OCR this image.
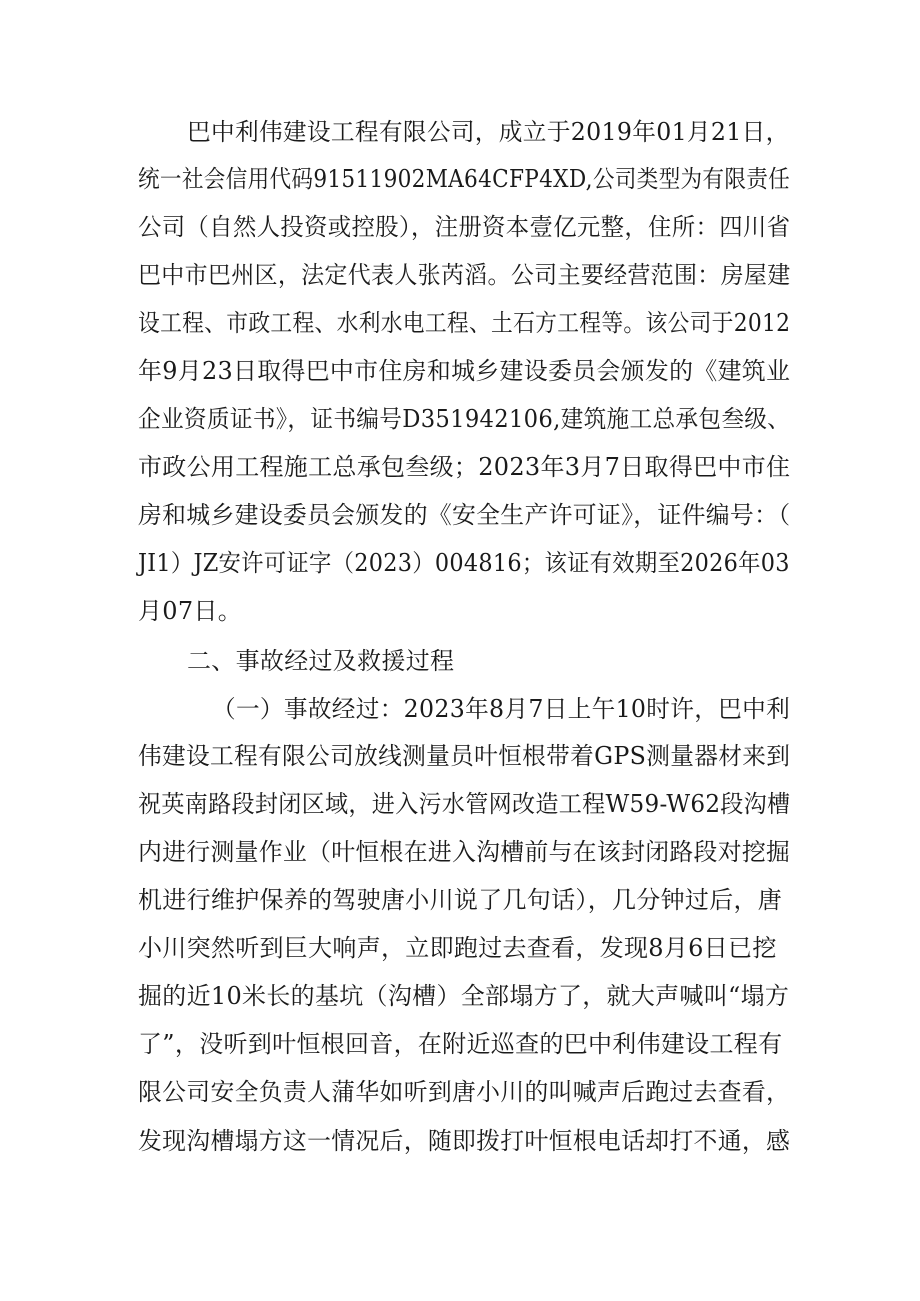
巴中利伟建设工程有限公司，成立于2019年01月21日，
统一社会信用代码91511902MA64CFP4XD,公司类型为有限责任
公司（自然人投资或控股），注册资本壹亿元整，住所：四川省
巴中市巴州区，法定代表人张芮滔。公司主要经营范围：房屋建
设工程、市政工程、水利水电工程、土石方工程等。该公司于2012
年9月23日取得巴中市住房和城乡建设委员会颁发的《建筑业
企业资质证书》，证书编号D351942106,建筑施工总承包叁级、
市政公用工程施工总承包叁级；2023年3月7日取得巴中市住
房和城乡建设委员会颁发的《安全生产许可证》，证件编号：（
JI1）JZ安许可证字（2023）004816；该证有效期至2026年03
月07日。
二、事故经过及救援过程
（一）事故经过：2023年8月7日上午10时许，巴中利
伟建设工程有限公司放线测量员叶恒根带着GPS测量器材来到
祝英南路段封闭区域，进入污水管网改造工程W59-W62段沟槽
内进行测量作业（叶恒根在进入沟槽前与在该封闭路段对挖掘
机进行维护保养的驾驶唐小川说了几句话），几分钟过后，唐
小川突然听到巨大响声，立即跑过去查看，发现8月6日已挖
掘的近10米长的基坑（沟槽）全部塌方了，就大声喊叫“塌方
了”，没听到叶恒根回音，在附近巡查的巴中利伟建设工程有
限公司安全负责人蒲华如听到唐小川的叫喊声后跑过去查看，
发现沟槽塌方这一情况后，随即拨打叶恒根电话却打不通，感
